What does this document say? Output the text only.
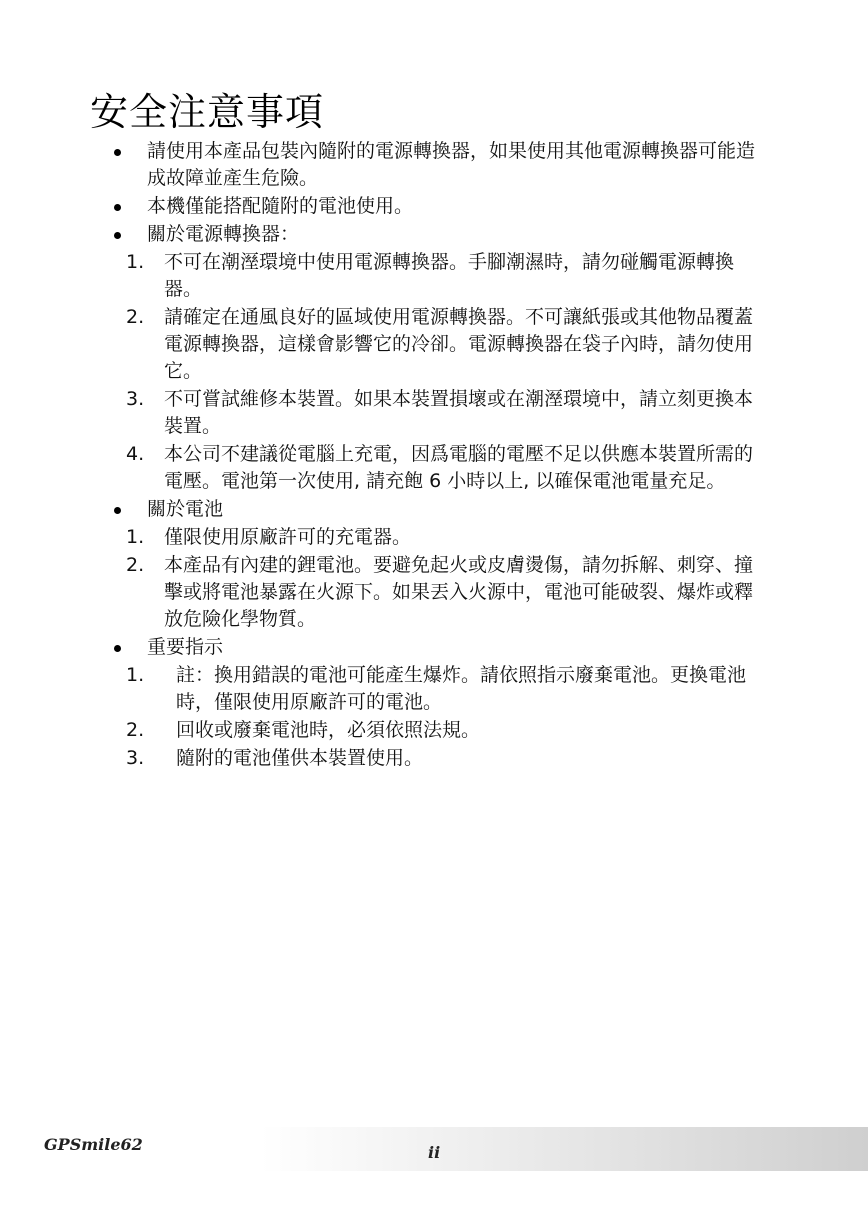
安全注意事項
請使用本產品包裝內隨附的電源轉換器，如果使用其他電源轉換器可能造成故障並產生危險。
本機僅能搭配隨附的電池使用。
關於電源轉換器：
1. 不可在潮溼環境中使用電源轉換器。手腳潮濕時，請勿碰觸電源轉換器。
2. 請確定在通風良好的區域使用電源轉換器。不可讓紙張或其他物品覆蓋電源轉換器，這樣會影響它的冷卻。電源轉換器在袋子內時，請勿使用它。
3. 不可嘗試維修本裝置。如果本裝置損壞或在潮溼環境中，請立刻更換本裝置。
4. 本公司不建議從電腦上充電，因爲電腦的電壓不足以供應本裝置所需的電壓。電池第一次使用, 請充飽 6 小時以上, 以確保電池電量充足。
關於電池
1. 僅限使用原廠許可的充電器。
2. 本產品有內建的鋰電池。要避免起火或皮膚燙傷，請勿拆解、刺穿、撞擊或將電池暴露在火源下。如果丟入火源中，電池可能破裂、爆炸或釋放危險化學物質。
重要指示
1. 註：換用錯誤的電池可能產生爆炸。請依照指示廢棄電池。更換電池時，僅限使用原廠許可的電池。
2. 回收或廢棄電池時，必須依照法規。
3. 隨附的電池僅供本裝置使用。
GPSmile62	ii
